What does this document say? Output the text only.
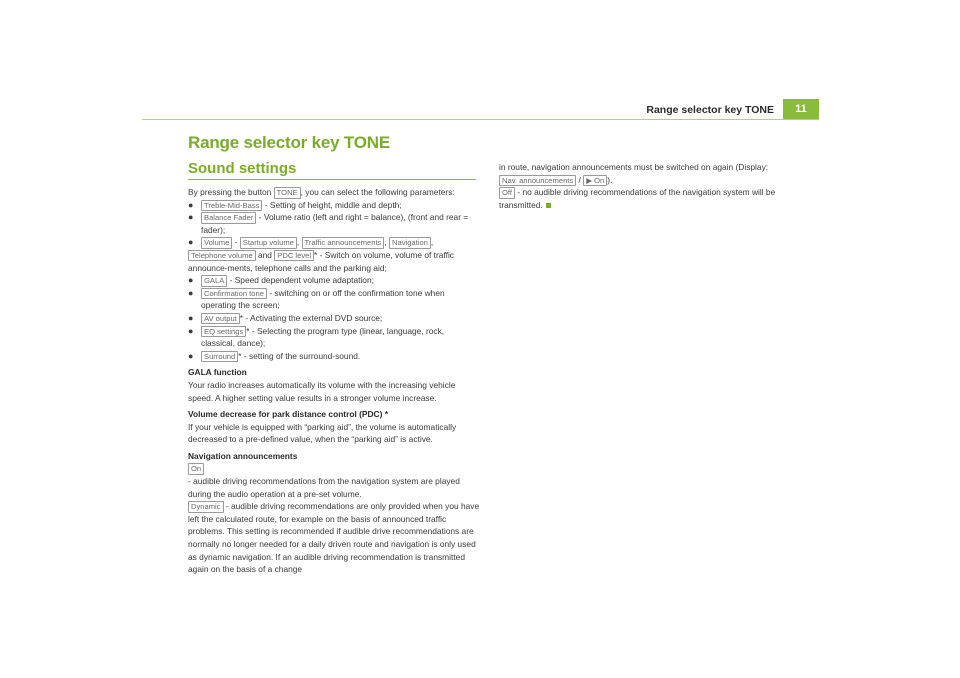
Range selector key TONE	11
Range selector key TONE
Sound settings

By pressing the button TONE , you can select the following parameters:

● Treble-Mid-Bass - Setting of height, middle and depth;

● Balance Fader - Volume ratio (left and right = balance), (front and rear = fader);

● Volume - Startup volume , Traffic announcements , Navigation ,

Telephone volume and PDC level * - Switch on volume, volume of traffic announce-ments, telephone calls and the parking aid;

● GALA - Speed dependent volume adaptation;

● Confirmation tone - switching on or off the confirmation tone when operating the screen;

● AV output * - Activating the external DVD source;

● EQ settings * - Selecting the program type (linear, language, rock, classical, dance);

● Surround * - setting of the surround-sound.

GALA function

Your radio increases automatically its volume with the increasing vehicle speed. A higher setting value results in a stronger volume increase.

Volume decrease for park distance control (PDC) *

If your vehicle is equipped with “parking aid”, the volume is automatically decreased to a pre-defined value, when the “parking aid” is active.

Navigation announcements

On
- audible driving recommendations from the navigation system are played during the audio operation at a pre-set volume.

Dynamic - audible driving recommendations are only provided when you have left the calculated route, for example on the basis of announced traffic problems. This setting is recommended if audible drive recommendations are normally no longer needed for a daily driven route and navigation is only used as dynamic navigation. If an audible driving recommendation is transmitted again on the basis of a change

in route, navigation announcements must be switched on again (Display:
Nav. announcements / ▶ On ).

Off - no audible driving recommendations of the navigation system will be transmitted.
